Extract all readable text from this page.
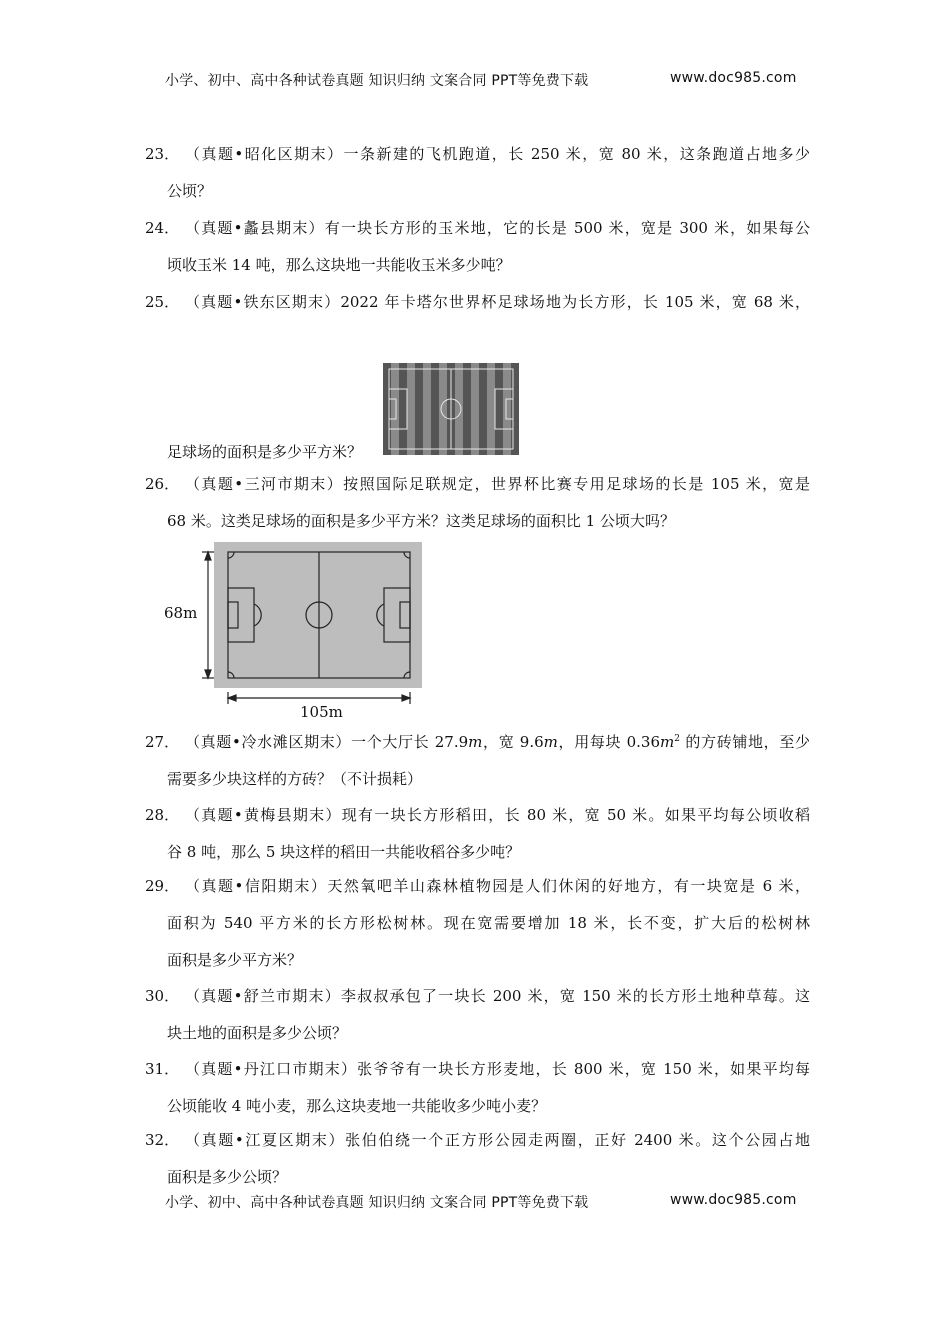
小学、初中、高中各种试卷真题 知识归纳 文案合同 PPT等免费下载	www.doc985.com
23． （真题•昭化区期末）一条新建的飞机跑道，长 250 米，宽 80 米，这条跑道占地多少
公顷？
24． （真题•蠡县期末）有一块长方形的玉米地，它的长是 500 米，宽是 300 米，如果每公
顷收玉米 14 吨，那么这块地一共能收玉米多少吨？
25． （真题•铁东区期末）2022 年卡塔尔世界杯足球场地为长方形，长 105 米，宽 68 米，
足球场的面积是多少平方米？
26． （真题•三河市期末）按照国际足联规定，世界杯比赛专用足球场的长是 105 米，宽是
68 米。这类足球场的面积是多少平方米？这类足球场的面积比 1 公顷大吗？
68m
105m
27． （真题•冷水滩区期末）一个大厅长 27.9m，宽 9.6m，用每块 $0.36m^2$ 的方砖铺地，至少
需要多少块这样的方砖？（不计损耗）
28． （真题•黄梅县期末）现有一块长方形稻田，长 80 米，宽 50 米。如果平均每公顷收稻
谷 8 吨，那么 5 块这样的稻田一共能收稻谷多少吨？
29． （真题•信阳期末）天然氧吧羊山森林植物园是人们休闲的好地方，有一块宽是 6 米，
面积为 540 平方米的长方形松树林。现在宽需要增加 18 米，长不变，扩大后的松树林
面积是多少平方米？
30． （真题•舒兰市期末）李叔叔承包了一块长 200 米，宽 150 米的长方形土地种草莓。这
块土地的面积是多少公顷？
31． （真题•丹江口市期末）张爷爷有一块长方形麦地，长 800 米，宽 150 米，如果平均每
公顷能收 4 吨小麦，那么这块麦地一共能收多少吨小麦？
32． （真题•江夏区期末）张伯伯绕一个正方形公园走两圈，正好 2400 米。这个公园占地
面积是多少公顷？
小学、初中、高中各种试卷真题 知识归纳 文案合同 PPT等免费下载	www.doc985.com
